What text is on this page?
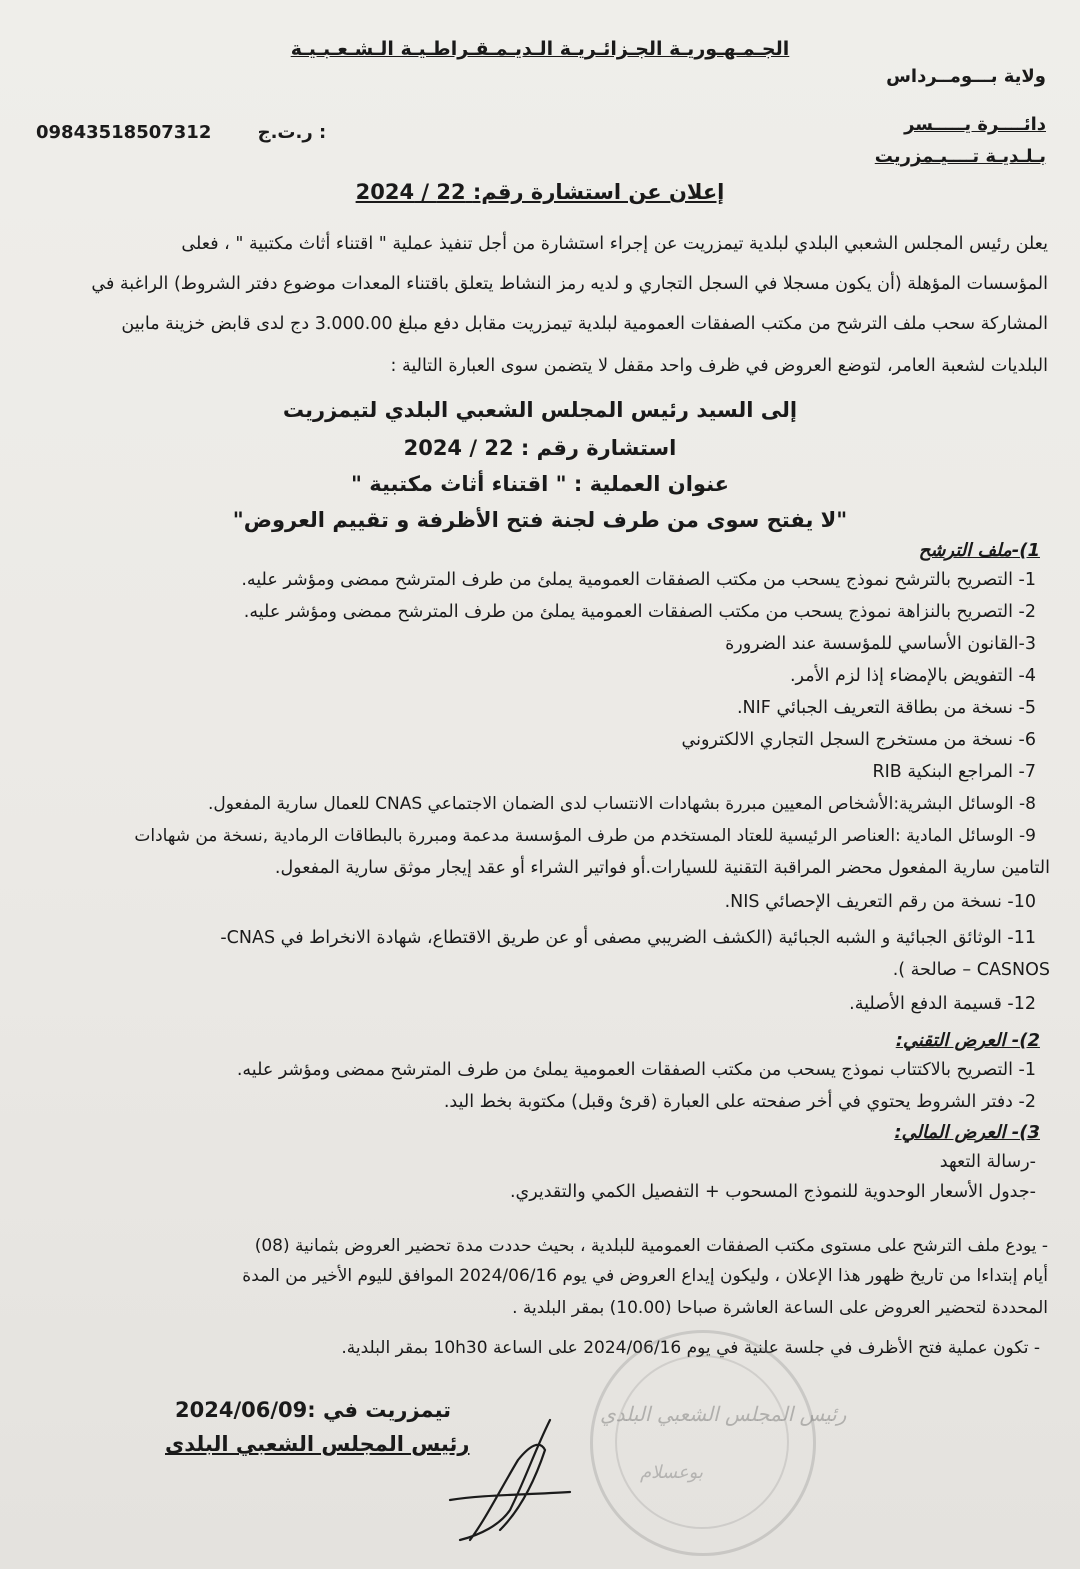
الجـمـهـوريـة الجـزائـريـة الـديـمـقـراطـيـة الـشـعـبـيـة
ولاية بـــومــرداس
دائــــرة يـــــسر
بـلـديـة تــــيـمزريت
09843518507312	ر.ت.ج :
إعلان عن استشارة رقم: 22 / 2024
يعلن رئيس المجلس الشعبي البلدي لبلدية تيمزريت عن إجراء استشارة من أجل تنفيذ عملية " اقتناء أثاث مكتبية " ، فعلى
المؤسسات المؤهلة (أن يكون مسجلا في السجل التجاري و لديه رمز النشاط يتعلق باقتناء المعدات موضوع دفتر الشروط) الراغبة في
المشاركة سحب ملف الترشح من مكتب الصفقات العمومية لبلدية تيمزريت مقابل دفع مبلغ 3.000.00 دج لدى قابض خزينة مابين
البلديات لشعبة العامر، لتوضع العروض في ظرف واحد مقفل لا يتضمن سوى العبارة التالية :
إلى السيد رئيس المجلس الشعبي البلدي لتيمزريت
استشارة رقم : 22 / 2024
عنوان العملية : " اقتناء أثاث مكتبية "
"لا يفتح سوى من طرف لجنة فتح الأظرفة و تقييم العروض"
1)-ملف الترشح
1- التصريح بالترشح نموذج يسحب من مكتب الصفقات العمومية يملئ من طرف المترشح ممضى ومؤشر عليه.
2- التصريح بالنزاهة نموذج يسحب من مكتب الصفقات العمومية يملئ من طرف المترشح ممضى ومؤشر عليه.
3-القانون الأساسي للمؤسسة عند الضرورة
4- التفويض بالإمضاء إذا لزم الأمر.
5- نسخة من بطاقة التعريف الجبائي NIF.
6- نسخة من مستخرج السجل التجاري الالكتروني
7- المراجع البنكية RIB
8- الوسائل البشرية:الأشخاص المعيين مبررة بشهادات الانتساب لدى الضمان الاجتماعي CNAS للعمال سارية المفعول.
9- الوسائل المادية :العناصر الرئيسية للعتاد المستخدم من طرف المؤسسة مدعمة ومبررة بالبطاقات الرمادية ,نسخة من شهادات
التامين سارية المفعول محضر المراقبة التقنية للسيارات.أو فواتير الشراء أو عقد إيجار موثق سارية المفعول.
10- نسخة من رقم التعريف الإحصائي NIS.
11- الوثائق الجبائية و الشبه الجبائية (الكشف الضريبي مصفى أو عن طريق الاقتطاع، شهادة الانخراط في CNAS-
CASNOS – صالحة ).
12- قسيمة الدفع الأصلية.
2)- العرض التقني:
1- التصريح بالاكتتاب نموذج يسحب من مكتب الصفقات العمومية يملئ من طرف المترشح ممضى ومؤشر عليه.
2- دفتر الشروط يحتوي في أخر صفحته على العبارة (قرئ وقبل) مكتوبة بخط اليد.
3)- العرض المالي:
-رسالة التعهد
-جدول الأسعار الوحدوية للنموذج المسحوب + التفصيل الكمي والتقديري.
- يودع ملف الترشح على مستوى مكتب الصفقات العمومية للبلدية ، بحيث حددت مدة تحضير العروض بثمانية (08)
أيام إبتداءا من تاريخ ظهور هذا الإعلان ، وليكون إيداع العروض في يوم 2024/06/16 الموافق لليوم الأخير من المدة
المحددة لتحضير العروض على الساعة العاشرة صباحا (10.00) بمقر البلدية .
- تكون عملية فتح الأظرف في جلسة علنية في يوم 2024/06/16 على الساعة 10h30 بمقر البلدية.
رئيس المجلس الشعبي البلدي
بوعسلام
تيمزريت في :2024/06/09
رئيس المجلس الشعبي البلدى
